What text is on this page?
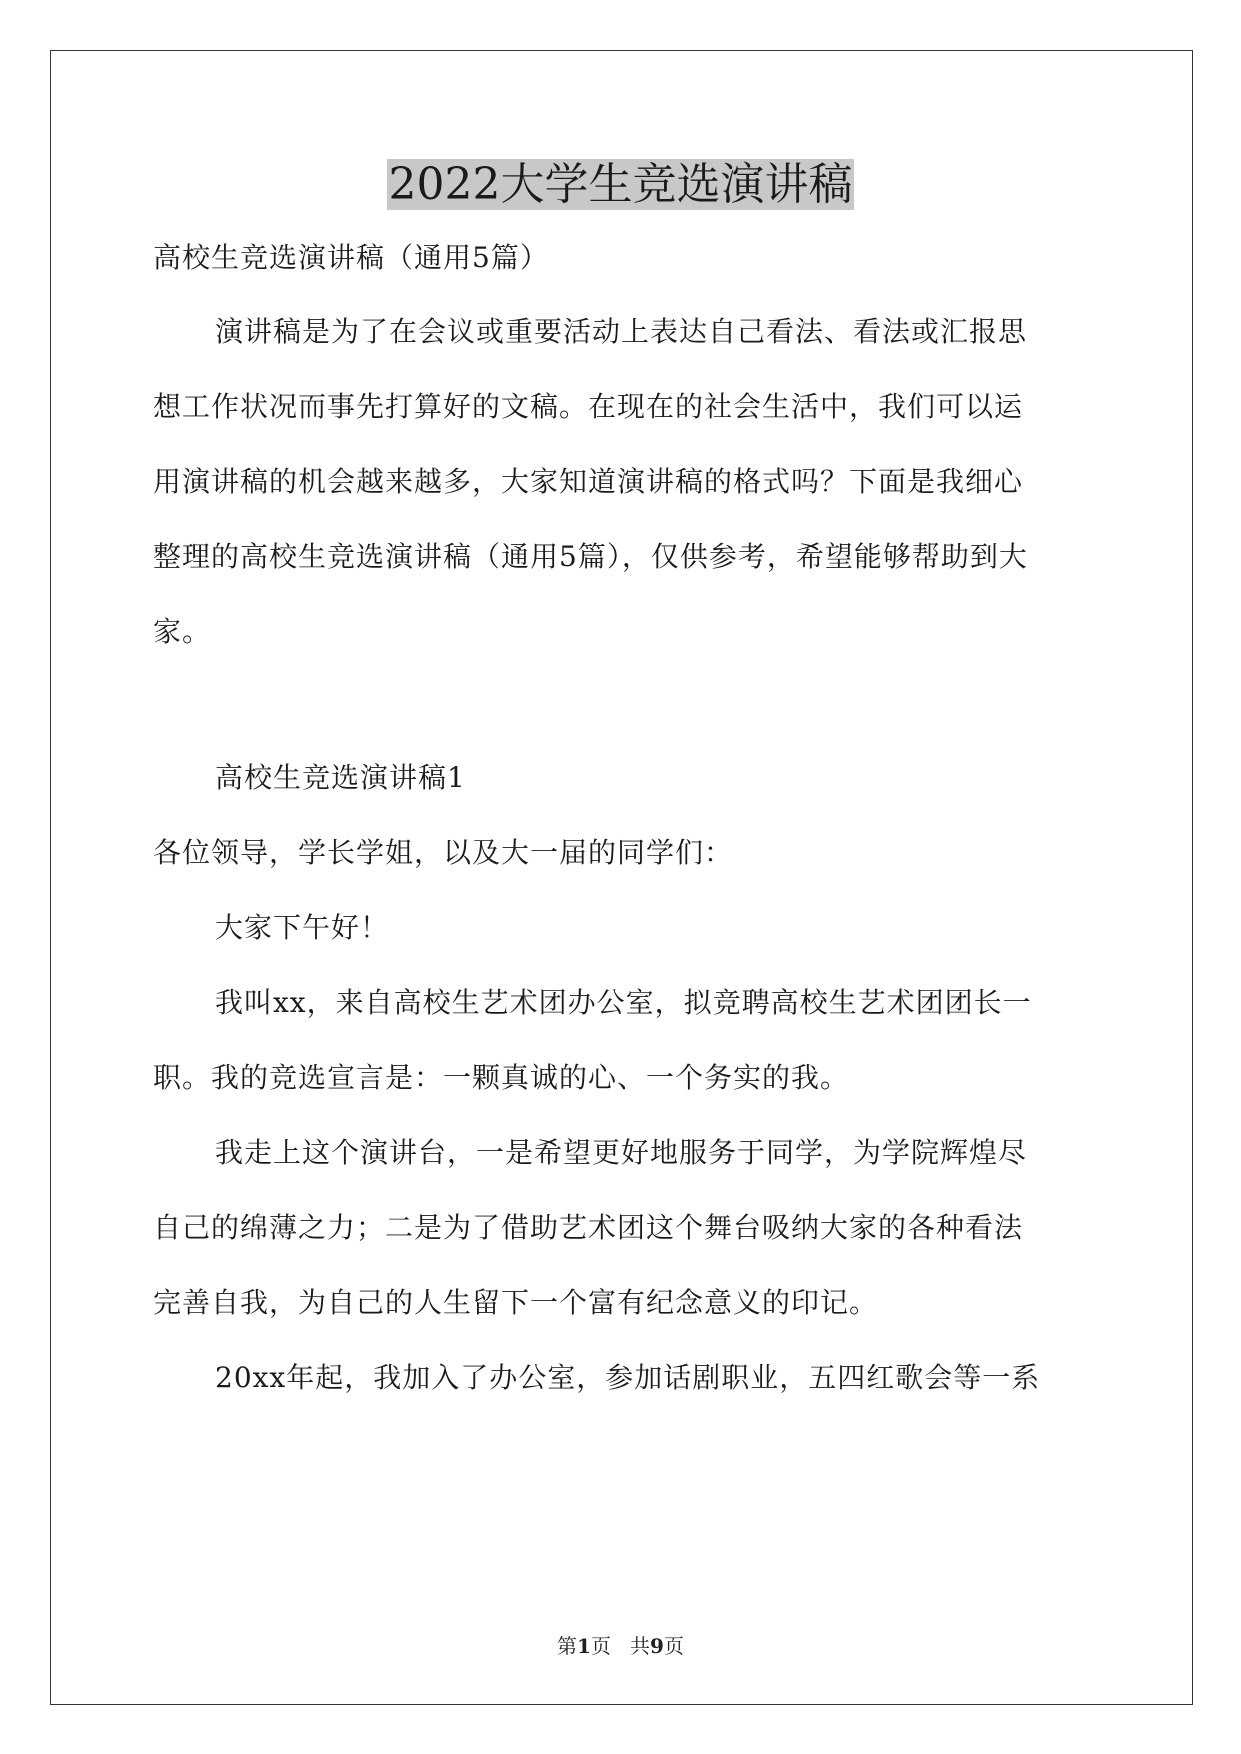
2022大学生竞选演讲稿

高校生竞选演讲稿（通用5篇）

演讲稿是为了在会议或重要活动上表达自己看法、看法或汇报思

想工作状况而事先打算好的文稿。在现在的社会生活中，我们可以运

用演讲稿的机会越来越多，大家知道演讲稿的格式吗？下面是我细心

整理的高校生竞选演讲稿（通用5篇），仅供参考，希望能够帮助到大

家。

高校生竞选演讲稿1

各位领导，学长学姐，以及大一届的同学们：

大家下午好！

我叫xx，来自高校生艺术团办公室，拟竞聘高校生艺术团团长一

职。我的竞选宣言是：一颗真诚的心、一个务实的我。

我走上这个演讲台，一是希望更好地服务于同学，为学院辉煌尽

自己的绵薄之力；二是为了借助艺术团这个舞台吸纳大家的各种看法

完善自我，为自己的人生留下一个富有纪念意义的印记。

20xx年起，我加入了办公室，参加话剧职业，五四红歌会等一系

第1页 共9页
